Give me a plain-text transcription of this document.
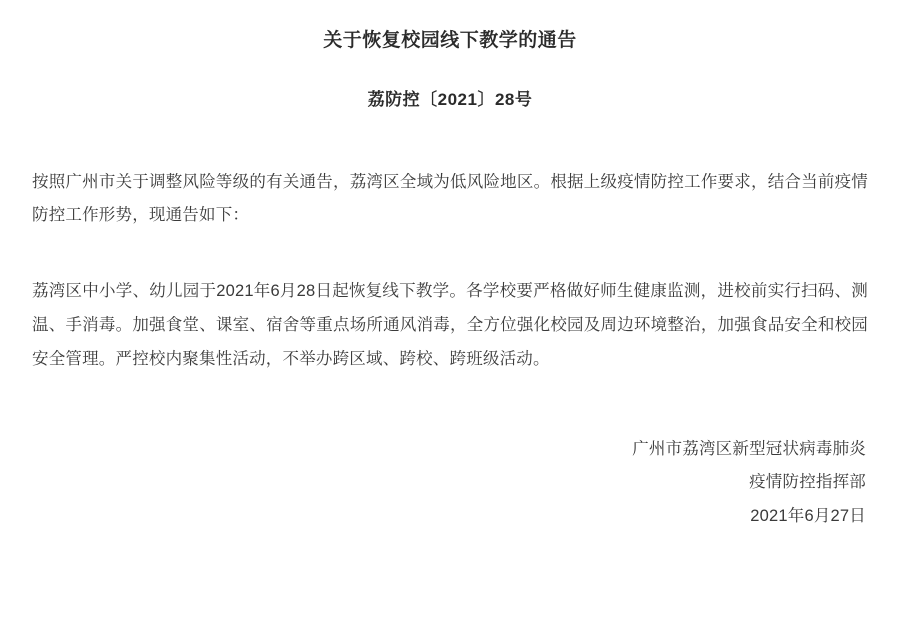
关于恢复校园线下教学的通告
荔防控〔2021〕28号

按照广州市关于调整风险等级的有关通告，荔湾区全域为低风险地区。根据上级疫情防控工作要求，结合当前疫情防控工作形势，现通告如下：

荔湾区中小学、幼儿园于2021年6月28日起恢复线下教学。各学校要严格做好师生健康监测，进校前实行扫码、测温、手消毒。加强食堂、课室、宿舍等重点场所通风消毒，全方位强化校园及周边环境整治，加强食品安全和校园安全管理。严控校内聚集性活动，不举办跨区域、跨校、跨班级活动。

广州市荔湾区新型冠状病毒肺炎
疫情防控指挥部
2021年6月27日
